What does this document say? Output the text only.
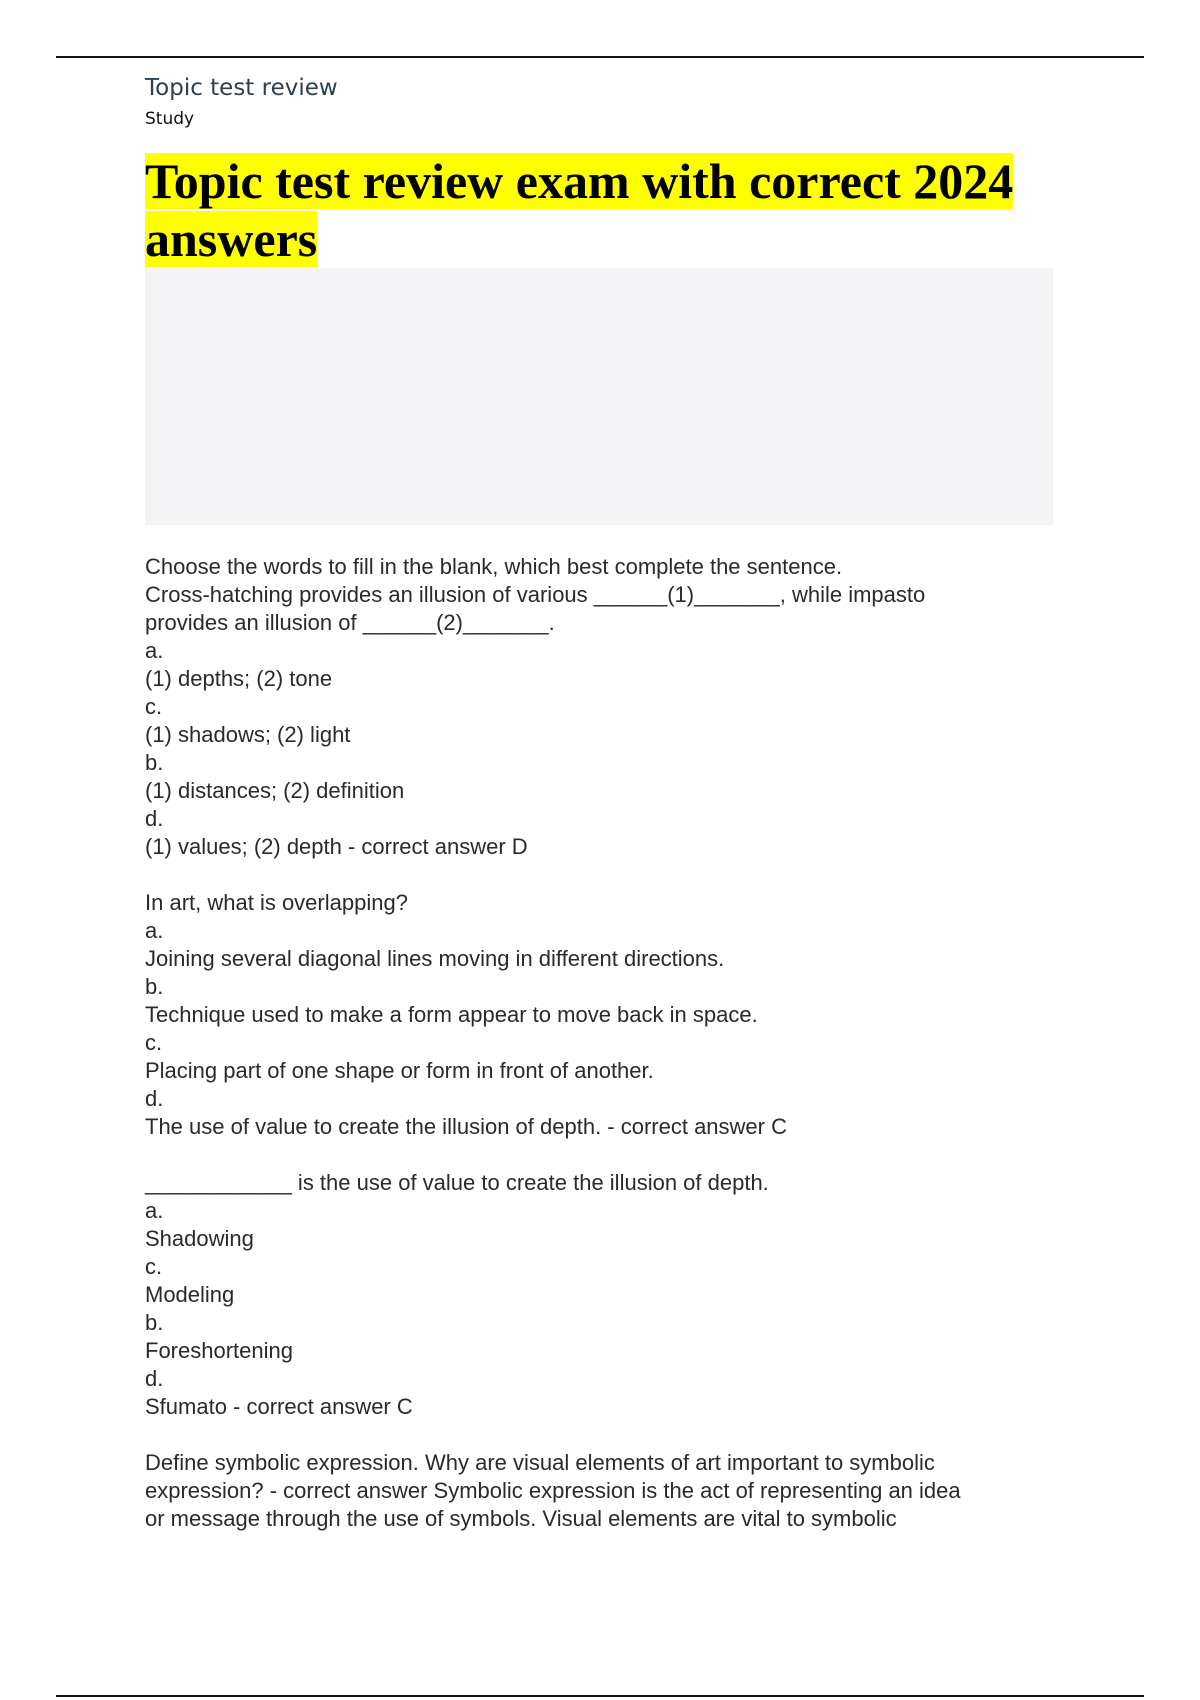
Topic test review
Study
Topic test review exam with correct 2024
answers
Choose the words to fill in the blank, which best complete the sentence.
Cross-hatching provides an illusion of various ______(1)_______, while impasto
provides an illusion of ______(2)_______.
a.
(1) depths; (2) tone
c.
(1) shadows; (2) light
b.
(1) distances; (2) definition
d.
(1) values; (2) depth - correct answer D
In art, what is overlapping?
a.
Joining several diagonal lines moving in different directions.
b.
Technique used to make a form appear to move back in space.
c.
Placing part of one shape or form in front of another.
d.
The use of value to create the illusion of depth. - correct answer C
____________ is the use of value to create the illusion of depth.
a.
Shadowing
c.
Modeling
b.
Foreshortening
d.
Sfumato - correct answer C
Define symbolic expression. Why are visual elements of art important to symbolic
expression? - correct answer Symbolic expression is the act of representing an idea
or message through the use of symbols. Visual elements are vital to symbolic
